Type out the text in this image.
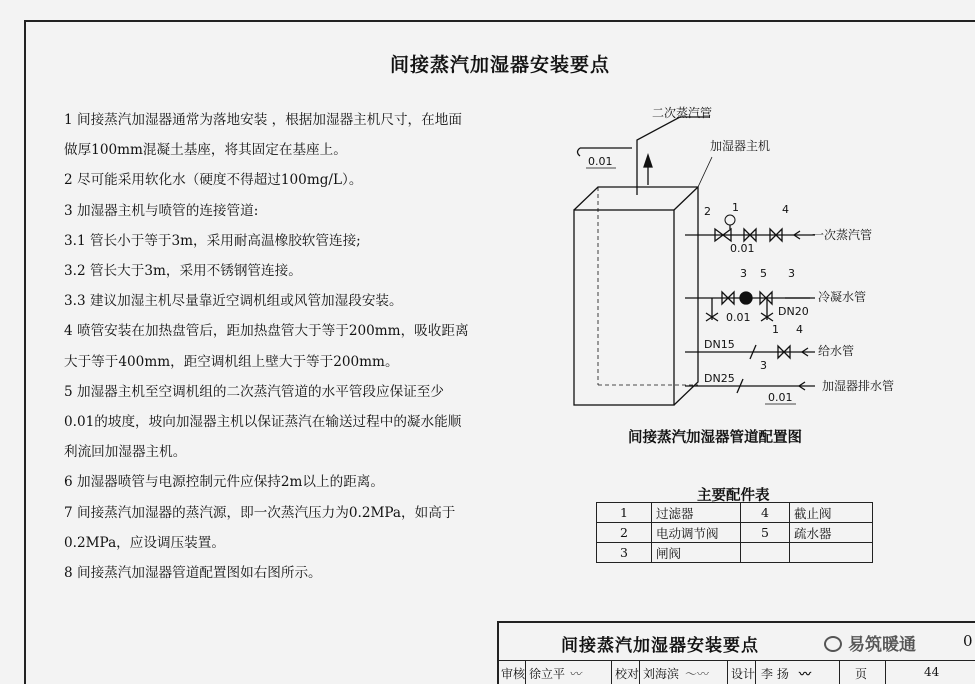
间接蒸汽加湿器安装要点
1 间接蒸汽加湿器通常为落地安装 ，根据加湿器主机尺寸，在地面做厚100mm混凝土基座，将其固定在基座上。
2 尽可能采用软化水（硬度不得超过100mg/L）。
3 加湿器主机与喷管的连接管道:
3.1 管长小于等于3m，采用耐高温橡胶软管连接;
3.2 管长大于3m，采用不锈钢管连接。
3.3 建议加湿主机尽量靠近空调机组或风管加湿段安装。
4 喷管安装在加热盘管后，距加热盘管大于等于200mm，吸收距离大于等于400mm，距空调机组上壁大于等于200mm。
5 加湿器主机至空调机组的二次蒸汽管道的水平管段应保证至少0.01的坡度，坡向加湿器主机以保证蒸汽在输送过程中的凝水能顺利流回加湿器主机。
6 加湿器喷管与电源控制元件应保持2m以上的距离。
7 间接蒸汽加湿器的蒸汽源，即一次蒸汽压力为0.2MPa，如高于0.2MPa，应设调压装置。
8 间接蒸汽加湿器管道配置图如右图所示。
二次蒸汽管
0.01
加湿器主机
2 1	4
0.01
一次蒸汽管
3 5 3
0.01	DN20
冷凝水管
DN15
1 4
给水管
DN25
3
0.01
加湿器排水管
间接蒸汽加湿器管道配置图
主要配件表
1	过滤器	4	截止阀
2	电动调节阀	5	疏水器
3	闸阀		
间接蒸汽加湿器安装要点	易筑暖通	0
审核 徐立平 〰	校对 刘海滨 〜〰 设计 李 扬 〰	页	44
